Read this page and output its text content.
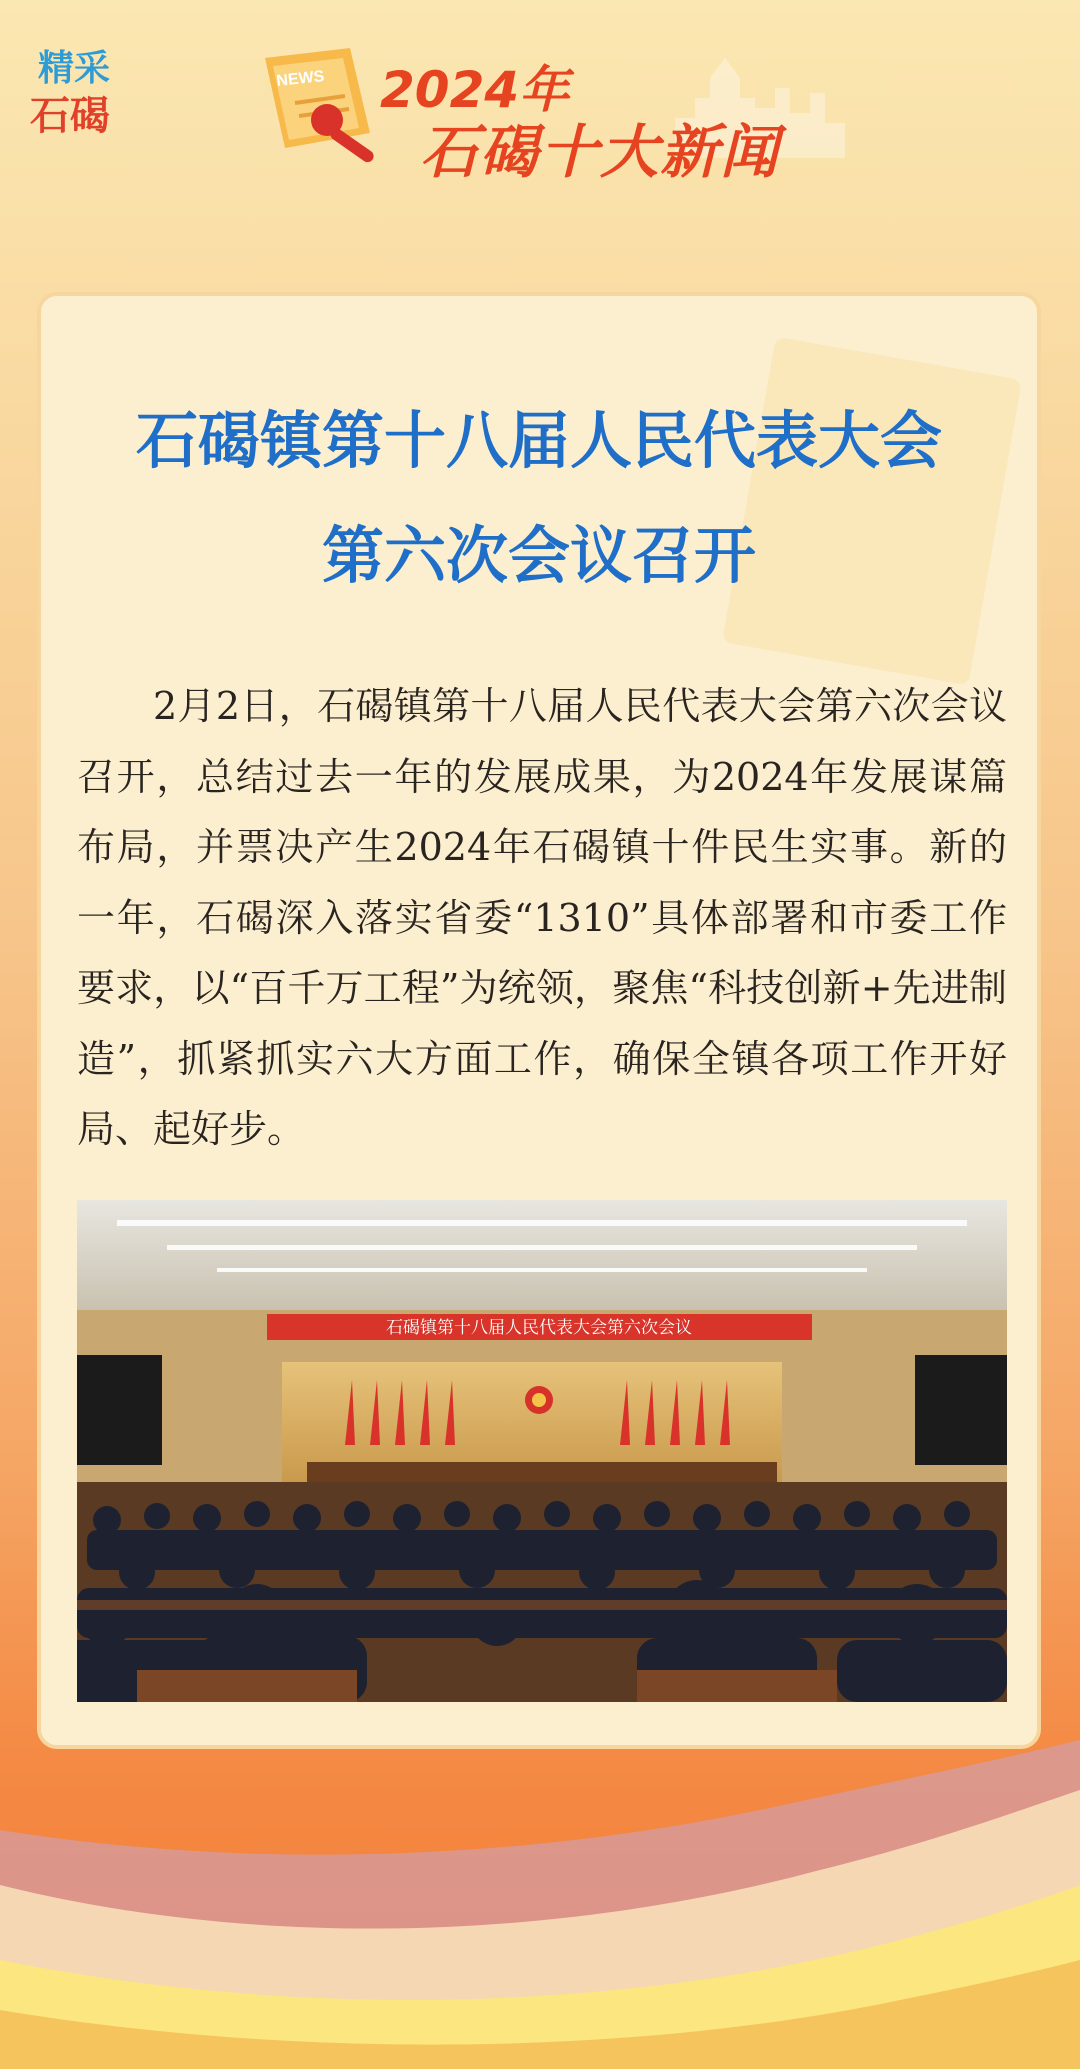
精采
石碣
NEWS 2024年
石碣十大新闻
石碣镇第十八届人民代表大会
第六次会议召开
2月2日，石碣镇第十八届人民代表大会第六次会议召开，总结过去一年的发展成果，为2024年发展谋篇布局，并票决产生2024年石碣镇十件民生实事。新的一年，石碣深入落实省委“1310”具体部署和市委工作要求，以“百千万工程”为统领，聚焦“科技创新+先进制造”，抓紧抓实六大方面工作，确保全镇各项工作开好局、起好步。
石碣镇第十八届人民代表大会第六次会议
